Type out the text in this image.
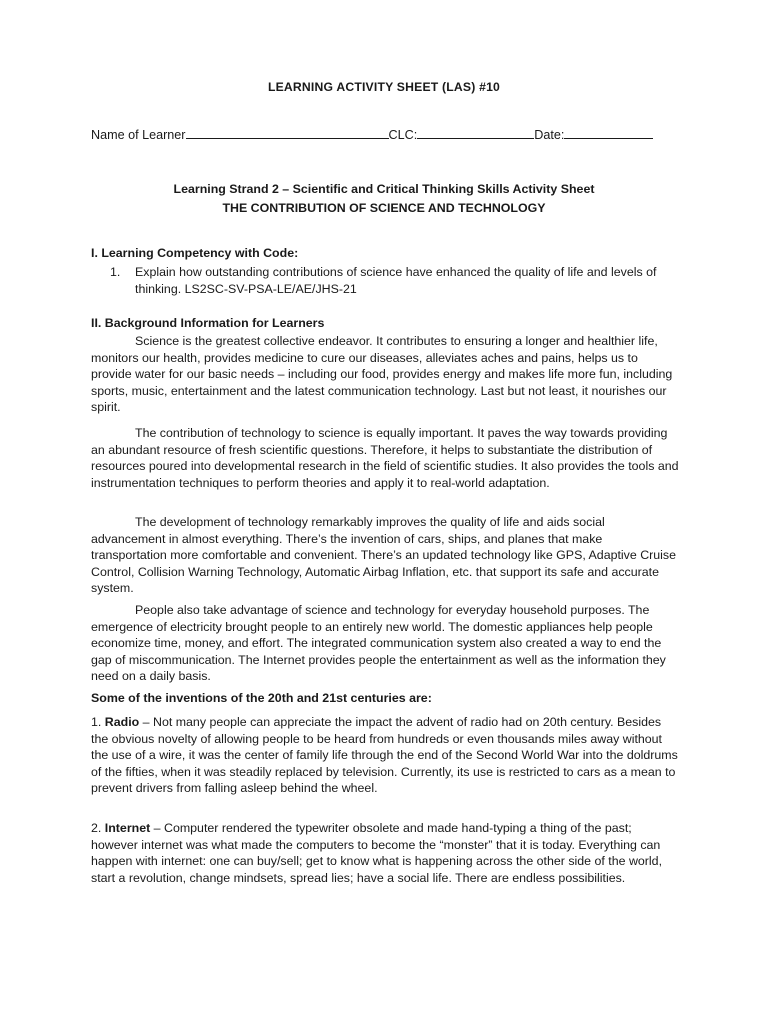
LEARNING ACTIVITY SHEET (LAS) #10
Name of Learner	CLC:	Date:
Learning Strand 2 – Scientific and Critical Thinking Skills Activity Sheet
THE CONTRIBUTION OF SCIENCE AND TECHNOLOGY
I. Learning Competency with Code:
1. Explain how outstanding contributions of science have enhanced the quality of life and levels of thinking. LS2SC-SV-PSA-LE/AE/JHS-21
II. Background Information for Learners
Science is the greatest collective endeavor. It contributes to ensuring a longer and healthier life, monitors our health, provides medicine to cure our diseases, alleviates aches and pains, helps us to provide water for our basic needs – including our food, provides energy and makes life more fun, including sports, music, entertainment and the latest communication technology. Last but not least, it nourishes our spirit.
The contribution of technology to science is equally important. It paves the way towards providing an abundant resource of fresh scientific questions. Therefore, it helps to substantiate the distribution of resources poured into developmental research in the field of scientific studies. It also provides the tools and instrumentation techniques to perform theories and apply it to real-world adaptation.
The development of technology remarkably improves the quality of life and aids social advancement in almost everything. There’s the invention of cars, ships, and planes that make transportation more comfortable and convenient. There’s an updated technology like GPS, Adaptive Cruise Control, Collision Warning Technology, Automatic Airbag Inflation, etc. that support its safe and accurate system.
People also take advantage of science and technology for everyday household purposes. The emergence of electricity brought people to an entirely new world. The domestic appliances help people economize time, money, and effort. The integrated communication system also created a way to end the gap of miscommunication. The Internet provides people the entertainment as well as the information they need on a daily basis.
Some of the inventions of the 20th and 21st centuries are:
1. Radio – Not many people can appreciate the impact the advent of radio had on 20th century. Besides the obvious novelty of allowing people to be heard from hundreds or even thousands miles away without the use of a wire, it was the center of family life through the end of the Second World War into the doldrums of the fifties, when it was steadily replaced by television. Currently, its use is restricted to cars as a mean to prevent drivers from falling asleep behind the wheel.
2. Internet – Computer rendered the typewriter obsolete and made hand-typing a thing of the past; however internet was what made the computers to become the “monster” that it is today. Everything can happen with internet: one can buy/sell; get to know what is happening across the other side of the world, start a revolution, change mindsets, spread lies; have a social life. There are endless possibilities.
